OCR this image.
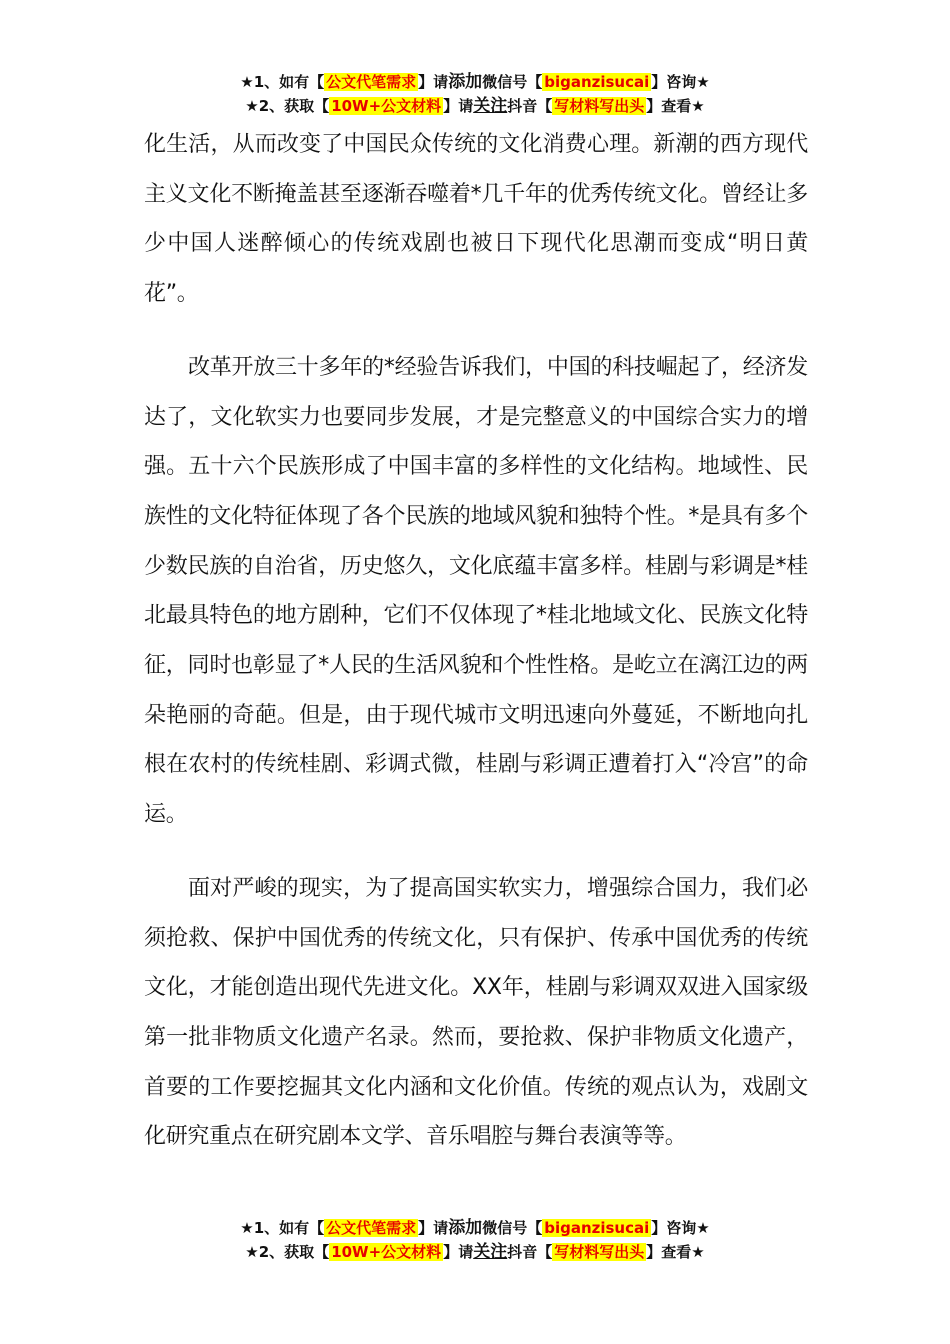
★1、如有【 公文代笔需求 】请添加微信号【 biganzisucai 】咨询★
★2、获取【 10W+公文材料 】请关注抖音【 写材料写出头 】查看★

化生活，从而改变了中国民众传统的文化消费心理。新潮的西方现代主义文化不断掩盖甚至逐渐吞噬着*几千年的优秀传统文化。曾经让多少中国人迷醉倾心的传统戏剧也被日下现代化思潮而变成“明日黄花”。

改革开放三十多年的*经验告诉我们，中国的科技崛起了，经济发达了，文化软实力也要同步发展，才是完整意义的中国综合实力的增强。五十六个民族形成了中国丰富的多样性的文化结构。地域性、民族性的文化特征体现了各个民族的地域风貌和独特个性。*是具有多个少数民族的自治省，历史悠久，文化底蕴丰富多样。桂剧与彩调是*桂北最具特色的地方剧种，它们不仅体现了*桂北地域文化、民族文化特征，同时也彰显了*人民的生活风貌和个性性格。是屹立在漓江边的两朵艳丽的奇葩。但是，由于现代城市文明迅速向外蔓延，不断地向扎根在农村的传统桂剧、彩调式微，桂剧与彩调正遭着打入“冷宫”的命运。

面对严峻的现实，为了提高国实软实力，增强综合国力，我们必须抢救、保护中国优秀的传统文化，只有保护、传承中国优秀的传统文化，才能创造出现代先进文化。XX年，桂剧与彩调双双进入国家级第一批非物质文化遗产名录。然而，要抢救、保护非物质文化遗产，首要的工作要挖掘其文化内涵和文化价值。传统的观点认为，戏剧文化研究重点在研究剧本文学、音乐唱腔与舞台表演等等。

★1、如有【 公文代笔需求 】请添加微信号【 biganzisucai 】咨询★
★2、获取【 10W+公文材料 】请关注抖音【 写材料写出头 】查看★
